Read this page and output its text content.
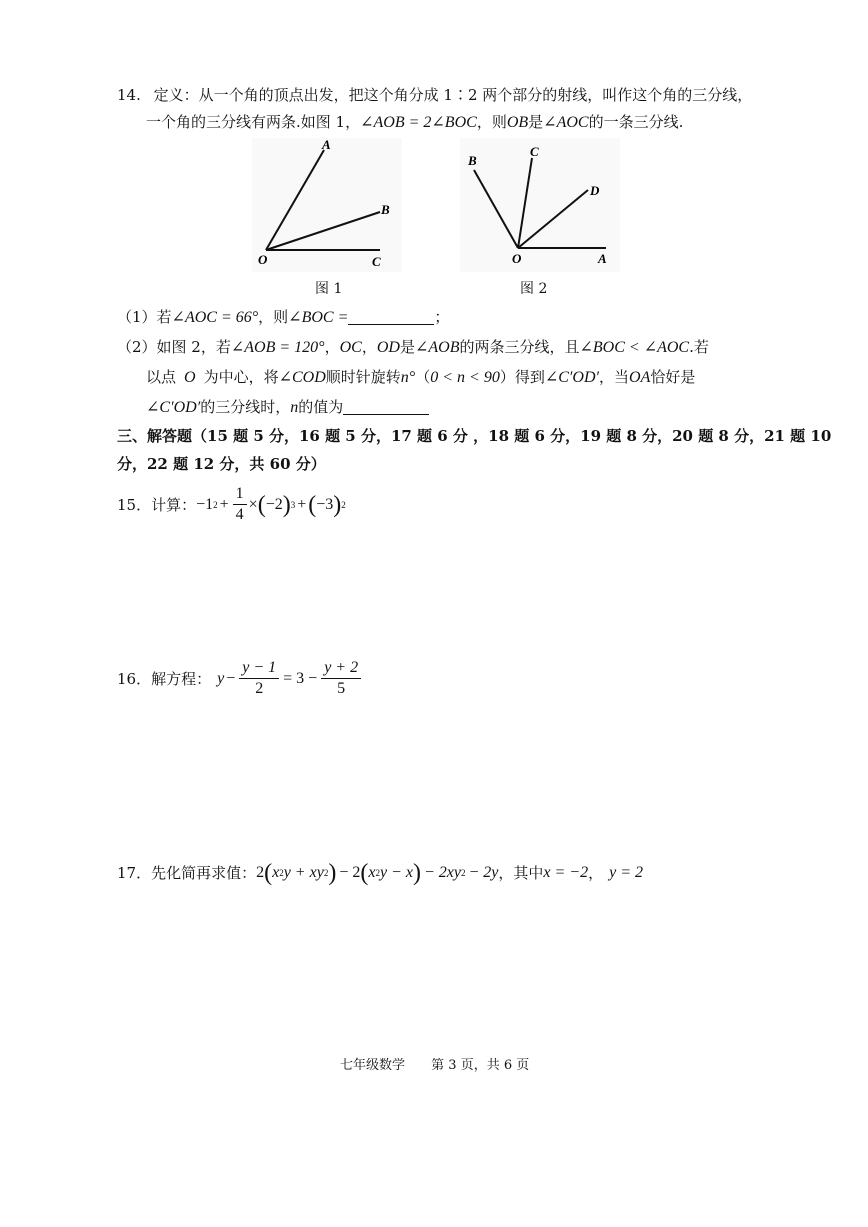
14. 定义：从一个角的顶点出发，把这个角分成 1∶2 两个部分的射线，叫作这个角的三分线，
一个角的三分线有两条.如图 1，∠AOB = 2∠BOC，则OB是∠AOC的一条三分线.
A
B
O	C
图 1
B
C
D
O	A
图 2
（1）若∠AOC = 66°，则∠BOC =	；
（2）如图 2，若∠AOB = 120°，OC，OD是∠AOB的两条三分线，且∠BOC < ∠AOC.若
以点 O 为中心，将∠COD顺时针旋转n°（0 < n < 90）得到∠C′OD′，当OA恰好是
∠C′OD′的三分线时，n的值为
三、解答题（15 题 5 分，16 题 5 分，17 题 6 分 ，18 题 6 分，19 题 8 分，20 题 8 分，21 题 10
分，22 题 12 分，共 60 分）
15．计算： −1 $2 + \frac{1}{4}$ × ( −2 ) 3 + ( −3 ) 2
16．解方程： $y - \frac{y - 1}{2} = 3 - \frac{y + 2}{5}$
17．先化简再求值： 2 ( x 2 y + xy 2 ) − 2 ( x 2 y − x ) − 2xy 2 − 2y ，其中 x = −2 ， y = 2
七年级数学 第 3 页，共 6 页
